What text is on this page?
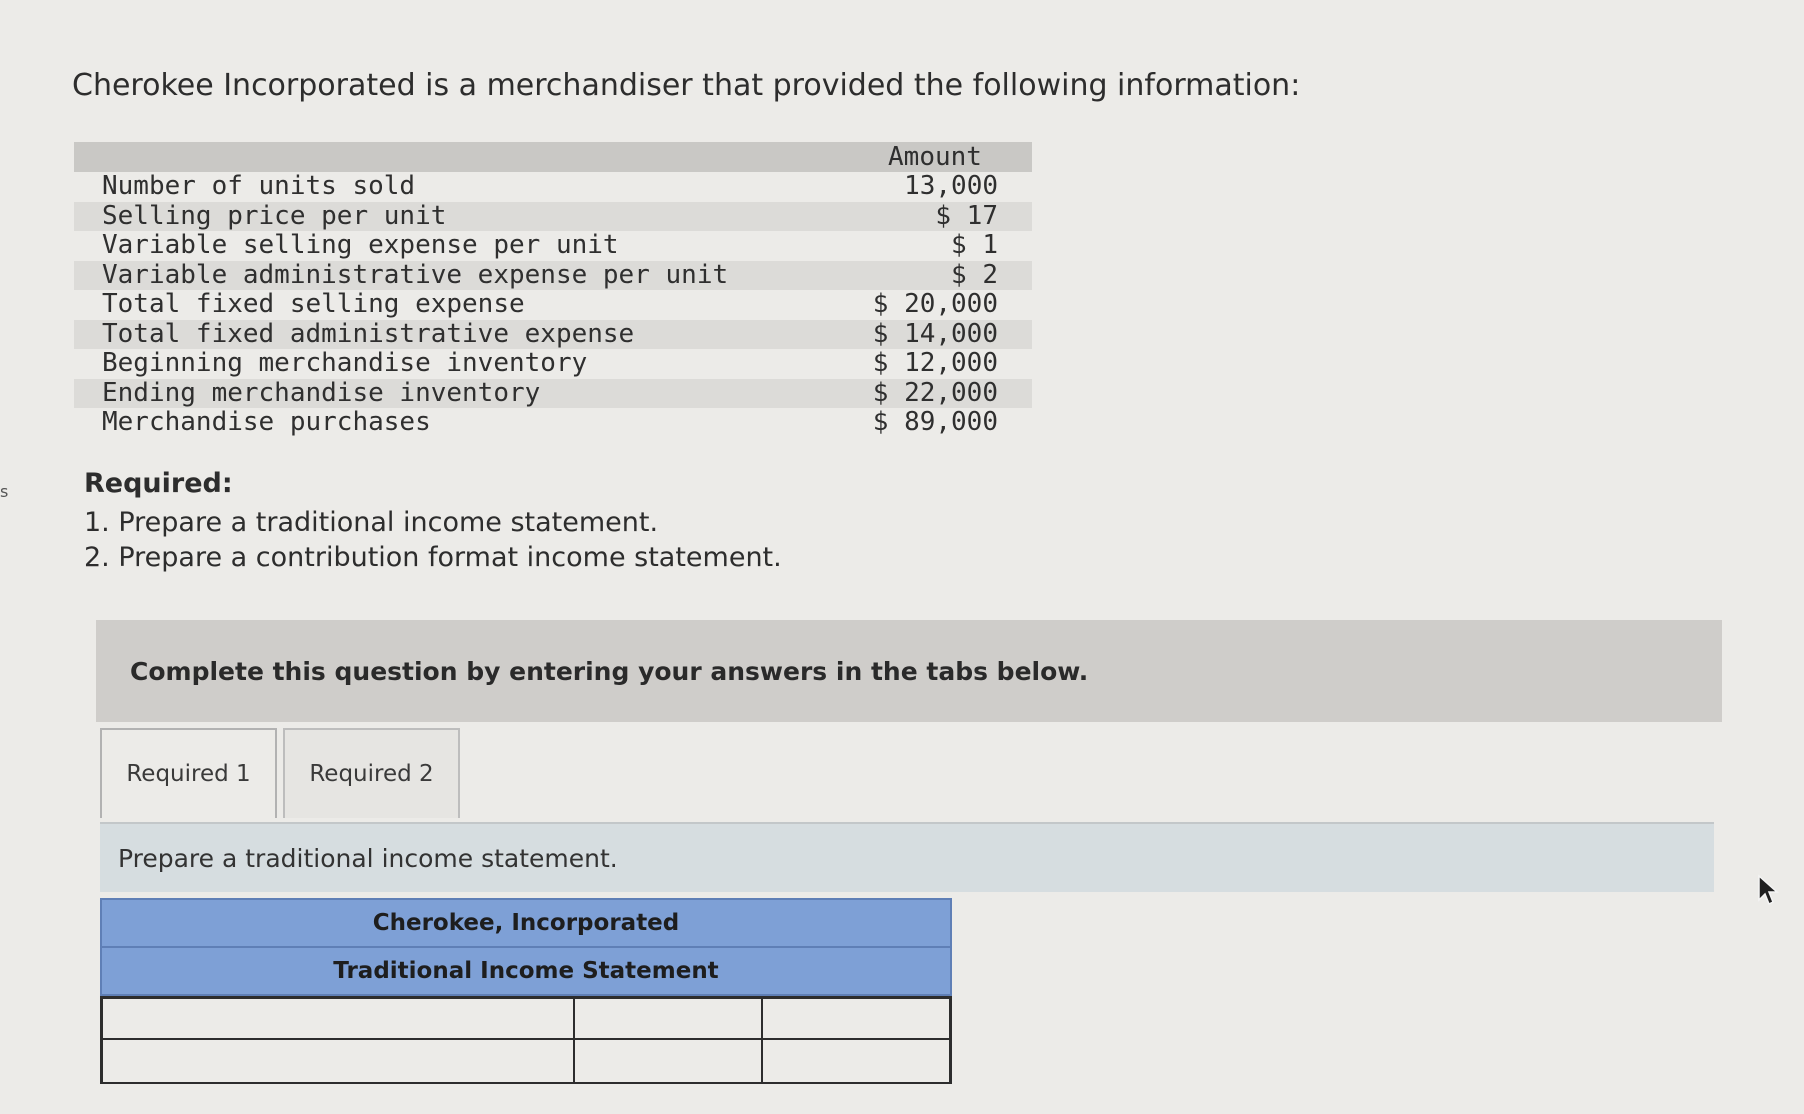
s
Cherokee Incorporated is a merchandiser that provided the following information:
	Amount
Number of units sold	13,000
Selling price per unit	$ 17
Variable selling expense per unit	$ 1
Variable administrative expense per unit	$ 2
Total fixed selling expense	$ 20,000
Total fixed administrative expense	$ 14,000
Beginning merchandise inventory	$ 12,000
Ending merchandise inventory	$ 22,000
Merchandise purchases	$ 89,000
Required:
1. Prepare a traditional income statement.
2. Prepare a contribution format income statement.
Complete this question by entering your answers in the tabs below.
Required 1	Required 2
Prepare a traditional income statement.
Cherokee, Incorporated
Traditional Income Statement
